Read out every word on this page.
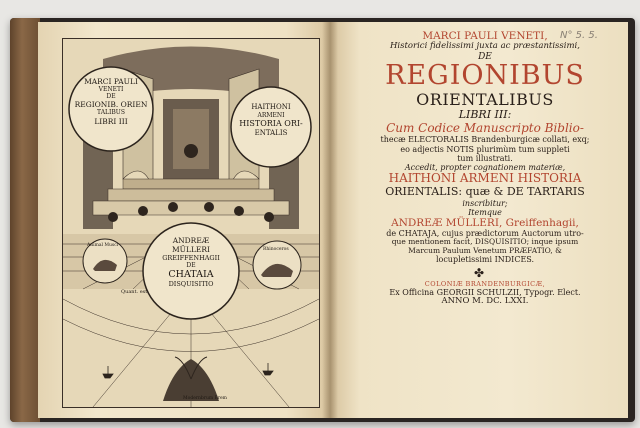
N° 5. 5.
MARCI PAULI
VENETI
DE
REGIONIB. ORIEN
TALIBUS
LIBRI III
HAITHONI
ARMENI
HISTORIA ORI-
ENTALIS
ANDREÆ
MÜLLERI
GREIFFENHAGII
DE
CHATAIA
DISQUISITIO
Animal Musci
Rhinoceros
Quant. est
Modernbrum Brem
MARCI PAULI VENETI,
Historici fidelissimi juxta ac præstantissimi,
DE
REGIONIBUS
ORIENTALIBUS
LIBRI III:
Cum Codice Manuscripto Biblio-
thecæ ELECTORALIS Brandenburgicæ collati, exq;
eo adjectis NOTIS plurimùm tum suppleti
tum illustrati.
Accedit, propter cognationem materiæ,
HAITHONI ARMENI HISTORIA
ORIENTALIS: quæ & DE TARTARIS
inscribitur;
Itemque
ANDREÆ MÜLLERI, Greiffenhagii,
de CHATAJA, cujus prædictorum Auctorum utro-
que mentionem facit, DISQUISITIO; inque ipsum
Marcum Paulum Venetum PRÆFATIO, &
locupletissimi INDICES.
✤
COLONIÆ BRANDENBURGICÆ,
Ex Officina GEORGII SCHULZII, Typogr. Elect.
ANNO M. DC. LXXI.
